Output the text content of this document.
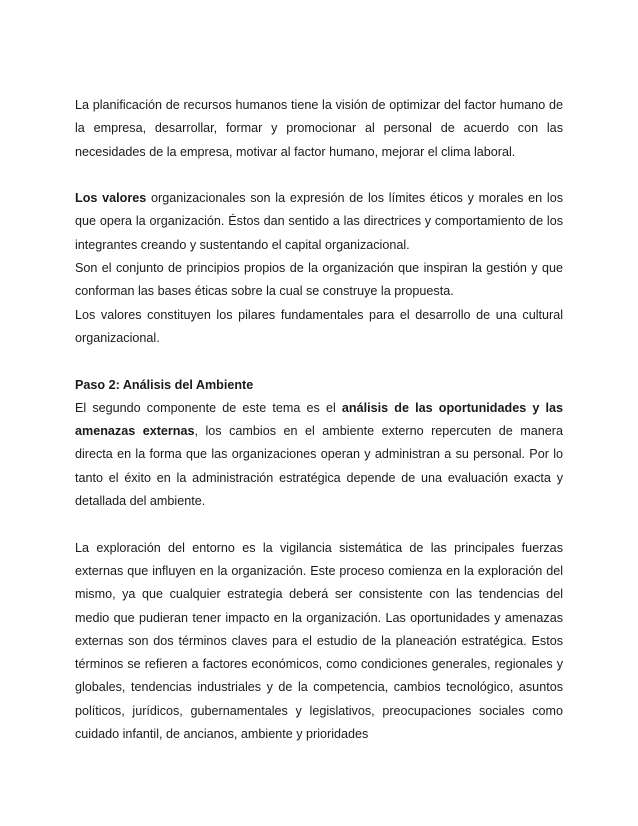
La planificación de recursos humanos tiene la visión de optimizar del factor humano de la empresa, desarrollar, formar y promocionar al personal de acuerdo con las necesidades de la empresa, motivar al factor humano, mejorar el clima laboral.

Los valores organizacionales son la expresión de los límites éticos y morales en los que opera la organización. Éstos dan sentido a las directrices y comportamiento de los integrantes creando y sustentando el capital organizacional.

Son el conjunto de principios propios de la organización que inspiran la gestión y que conforman las bases éticas sobre la cual se construye la propuesta.

Los valores constituyen los pilares fundamentales para el desarrollo de una cultural organizacional.

Paso 2: Análisis del Ambiente

El segundo componente de este tema es el análisis de las oportunidades y las amenazas externas, los cambios en el ambiente externo repercuten de manera directa en la forma que las organizaciones operan y administran a su personal. Por lo tanto el éxito en la administración estratégica depende de una evaluación exacta y detallada del ambiente.

La exploración del entorno es la vigilancia sistemática de las principales fuerzas externas que influyen en la organización. Este proceso comienza en la exploración del mismo, ya que cualquier estrategia deberá ser consistente con las tendencias del medio que pudieran tener impacto en la organización. Las oportunidades y amenazas externas son dos términos claves para el estudio de la planeación estratégica. Estos términos se refieren a factores económicos, como condiciones generales, regionales y globales, tendencias industriales y de la competencia, cambios tecnológico, asuntos políticos, jurídicos, gubernamentales y legislativos, preocupaciones sociales como cuidado infantil, de ancianos, ambiente y prioridades
